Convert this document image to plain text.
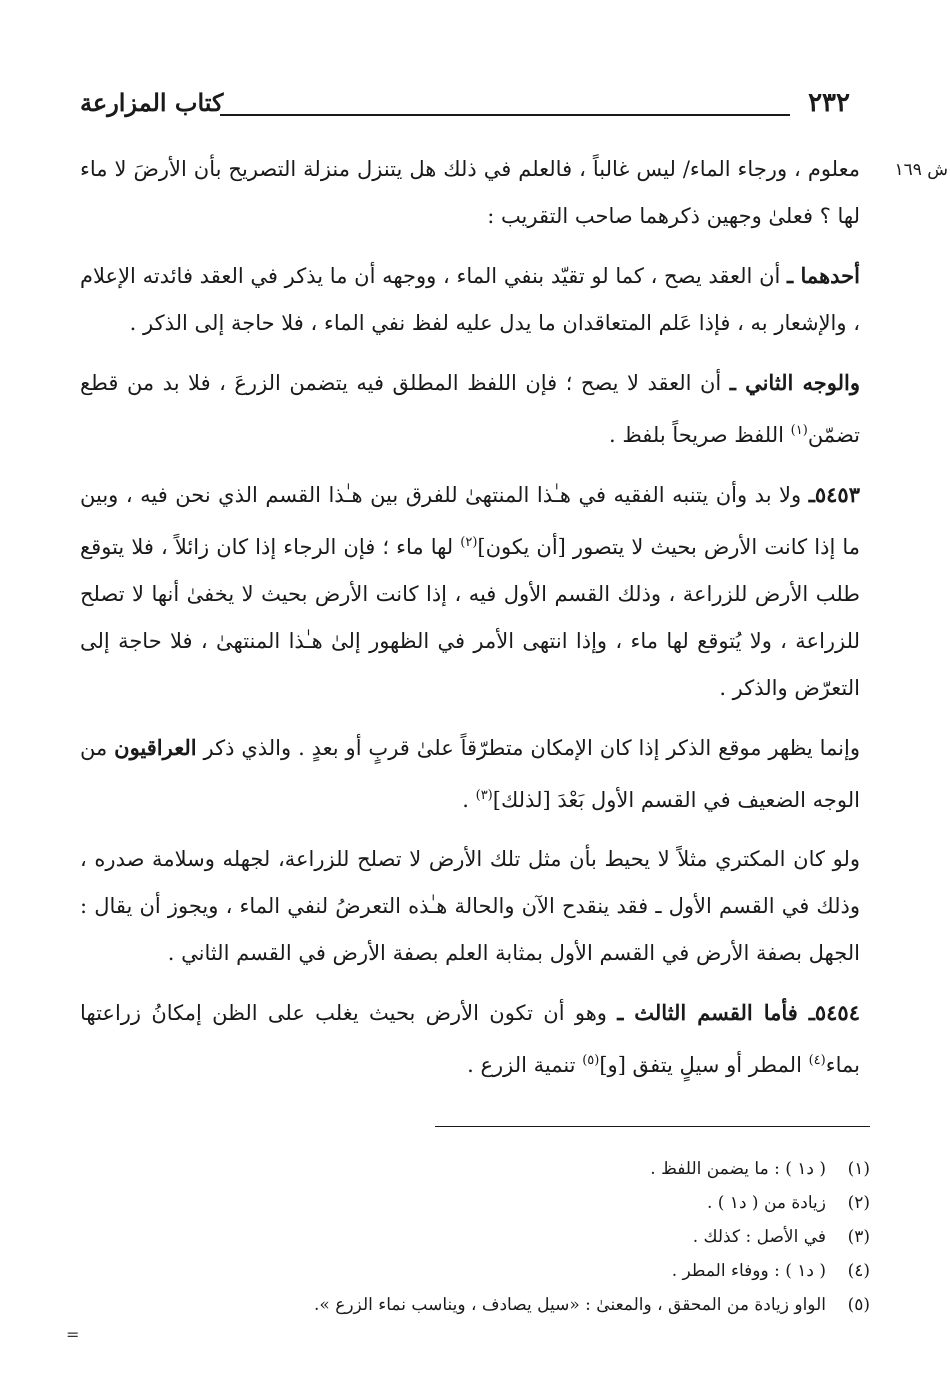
٢٣٢
كتاب المزارعة
ش ١٦٩

معلوم ، ورجاء الماء/ ليس غالباً ، فالعلم في ذلك هل يتنزل منزلة التصريح بأن الأرضَ لا ماء لها ؟ فعلىٰ وجهين ذكرهما صاحب التقريب :

أحدهما ـ أن العقد يصح ، كما لو تقيّد بنفي الماء ، ووجهه أن ما يذكر في العقد فائدته الإعلام ، والإشعار به ، فإذا عَلم المتعاقدان ما يدل عليه لفظ نفي الماء ، فلا حاجة إلى الذكر .

والوجه الثاني ـ أن العقد لا يصح ؛ فإن اللفظ المطلق فيه يتضمن الزرعَ ، فلا بد من قطع تضمّن$^{(١)}$ اللفظ صريحاً بلفظ .

٥٤٥٣ـ ولا بد وأن يتنبه الفقيه في هـٰذا المنتهىٰ للفرق بين هـٰذا القسم الذي نحن فيه ، وبين ما إذا كانت الأرض بحيث لا يتصور [أن يكون]$^{(٢)}$ لها ماء ؛ فإن الرجاء إذا كان زائلاً ، فلا يتوقع طلب الأرض للزراعة ، وذلك القسم الأول فيه ، إذا كانت الأرض بحيث لا يخفىٰ أنها لا تصلح للزراعة ، ولا يُتوقع لها ماء ، وإذا انتهى الأمر في الظهور إلىٰ هـٰذا المنتهىٰ ، فلا حاجة إلى التعرّض والذكر .

وإنما يظهر موقع الذكر إذا كان الإمكان متطرّقاً علىٰ قربٍ أو بعدٍ . والذي ذكر العراقيون من الوجه الضعيف في القسم الأول بَعْدَ [لذلك]$^{(٣)}$ .

ولو كان المكتري مثلاً لا يحيط بأن مثل تلك الأرض لا تصلح للزراعة، لجهله وسلامة صدره ، وذلك في القسم الأول ـ فقد ينقدح الآن والحالة هـٰذه التعرضُ لنفي الماء ، ويجوز أن يقال : الجهل بصفة الأرض في القسم الأول بمثابة العلم بصفة الأرض في القسم الثاني .

٥٤٥٤ـ فأما القسم الثالث ـ وهو أن تكون الأرض بحيث يغلب على الظن إمكانُ زراعتها بماء$^{(٤)}$ المطر أو سيلٍ يتفق [و]$^{(٥)}$ تنمية الزرع .

(١)( د١ ) : ما يضمن اللفظ .

(٢)زيادة من ( د١ ) .

(٣)في الأصل : كذلك .

(٤)( د١ ) : ووفاء المطر .

(٥)الواو زيادة من المحقق ، والمعنىٰ : «سيل يصادف ، ويناسب نماء الزرع ».

=
